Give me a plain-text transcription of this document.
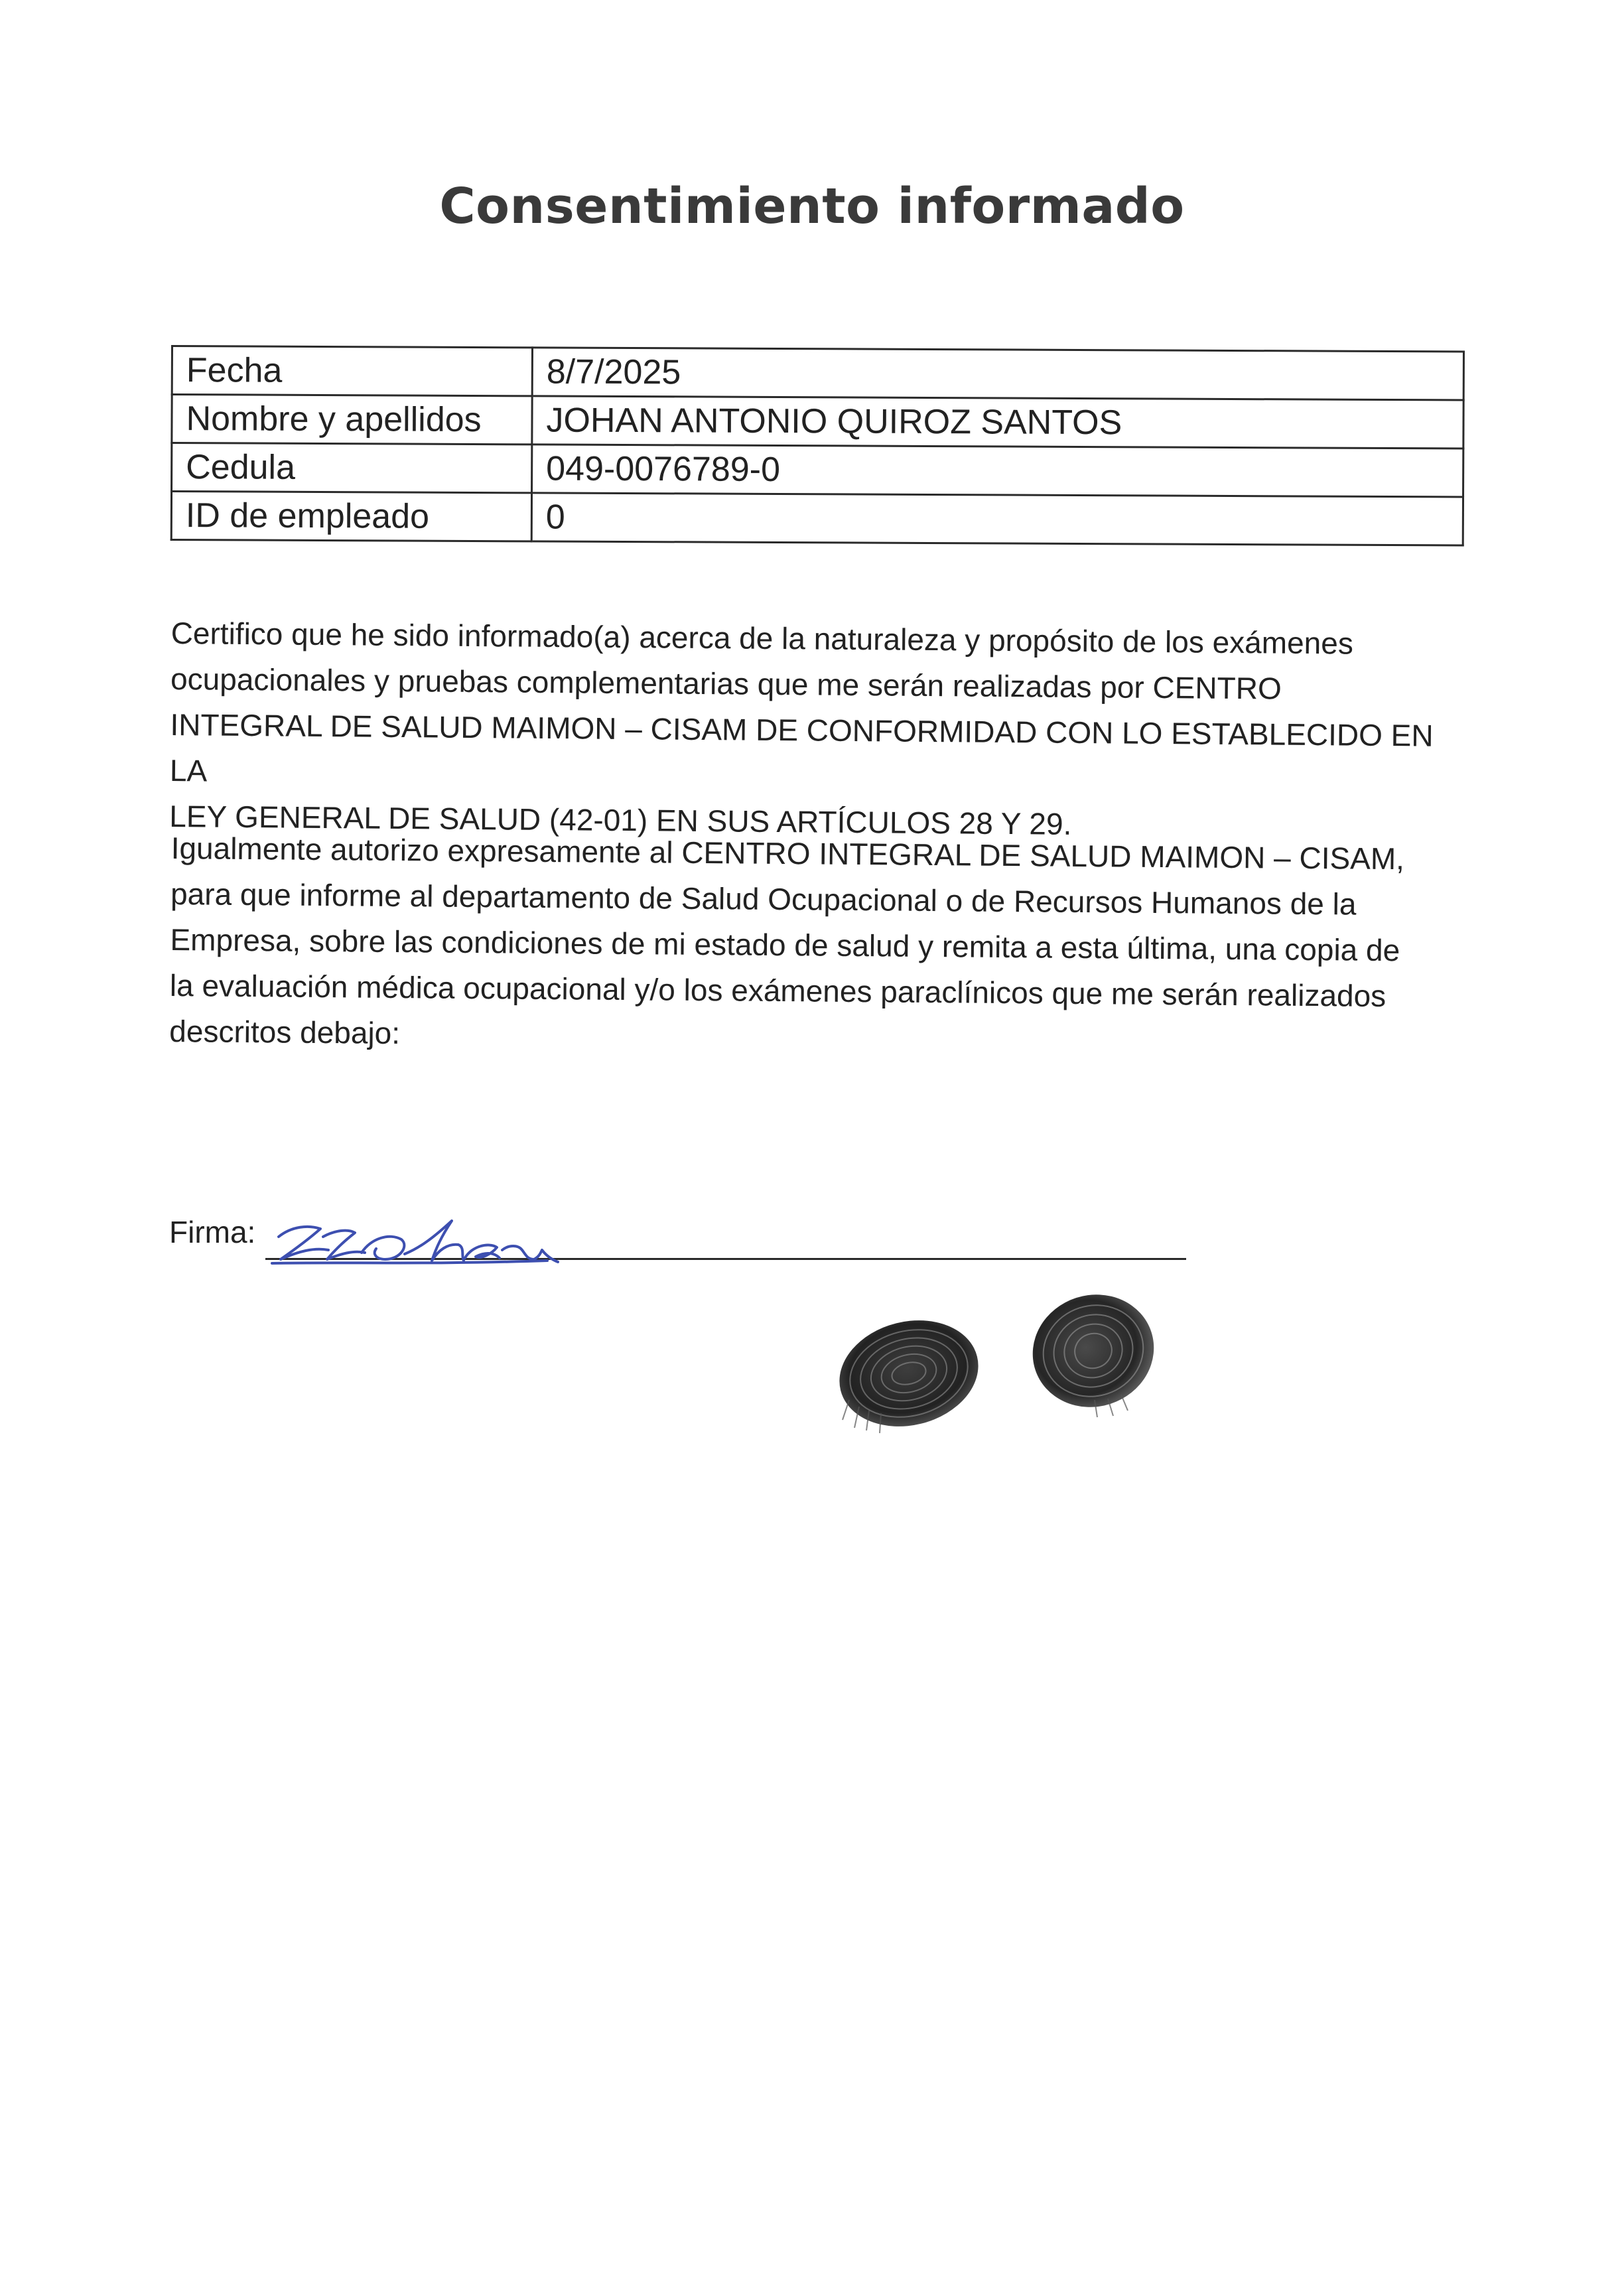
Consentimiento informado
Fecha	8/7/2025
Nombre y apellidos	JOHAN ANTONIO QUIROZ SANTOS
Cedula	049-0076789-0
ID de empleado	0
Certifico que he sido informado(a) acerca de la naturaleza y propósito de los exámenes
ocupacionales y pruebas complementarias que me serán realizadas por CENTRO
INTEGRAL DE SALUD MAIMON – CISAM DE CONFORMIDAD CON LO ESTABLECIDO EN LA
LEY GENERAL DE SALUD (42-01) EN SUS ARTÍCULOS 28 Y 29.
Igualmente autorizo expresamente al CENTRO INTEGRAL DE SALUD MAIMON – CISAM,
para que informe al departamento de Salud Ocupacional o de Recursos Humanos de la
Empresa, sobre las condiciones de mi estado de salud y remita a esta última, una copia de
la evaluación médica ocupacional y/o los exámenes paraclínicos que me serán realizados
descritos debajo:
Firma:
